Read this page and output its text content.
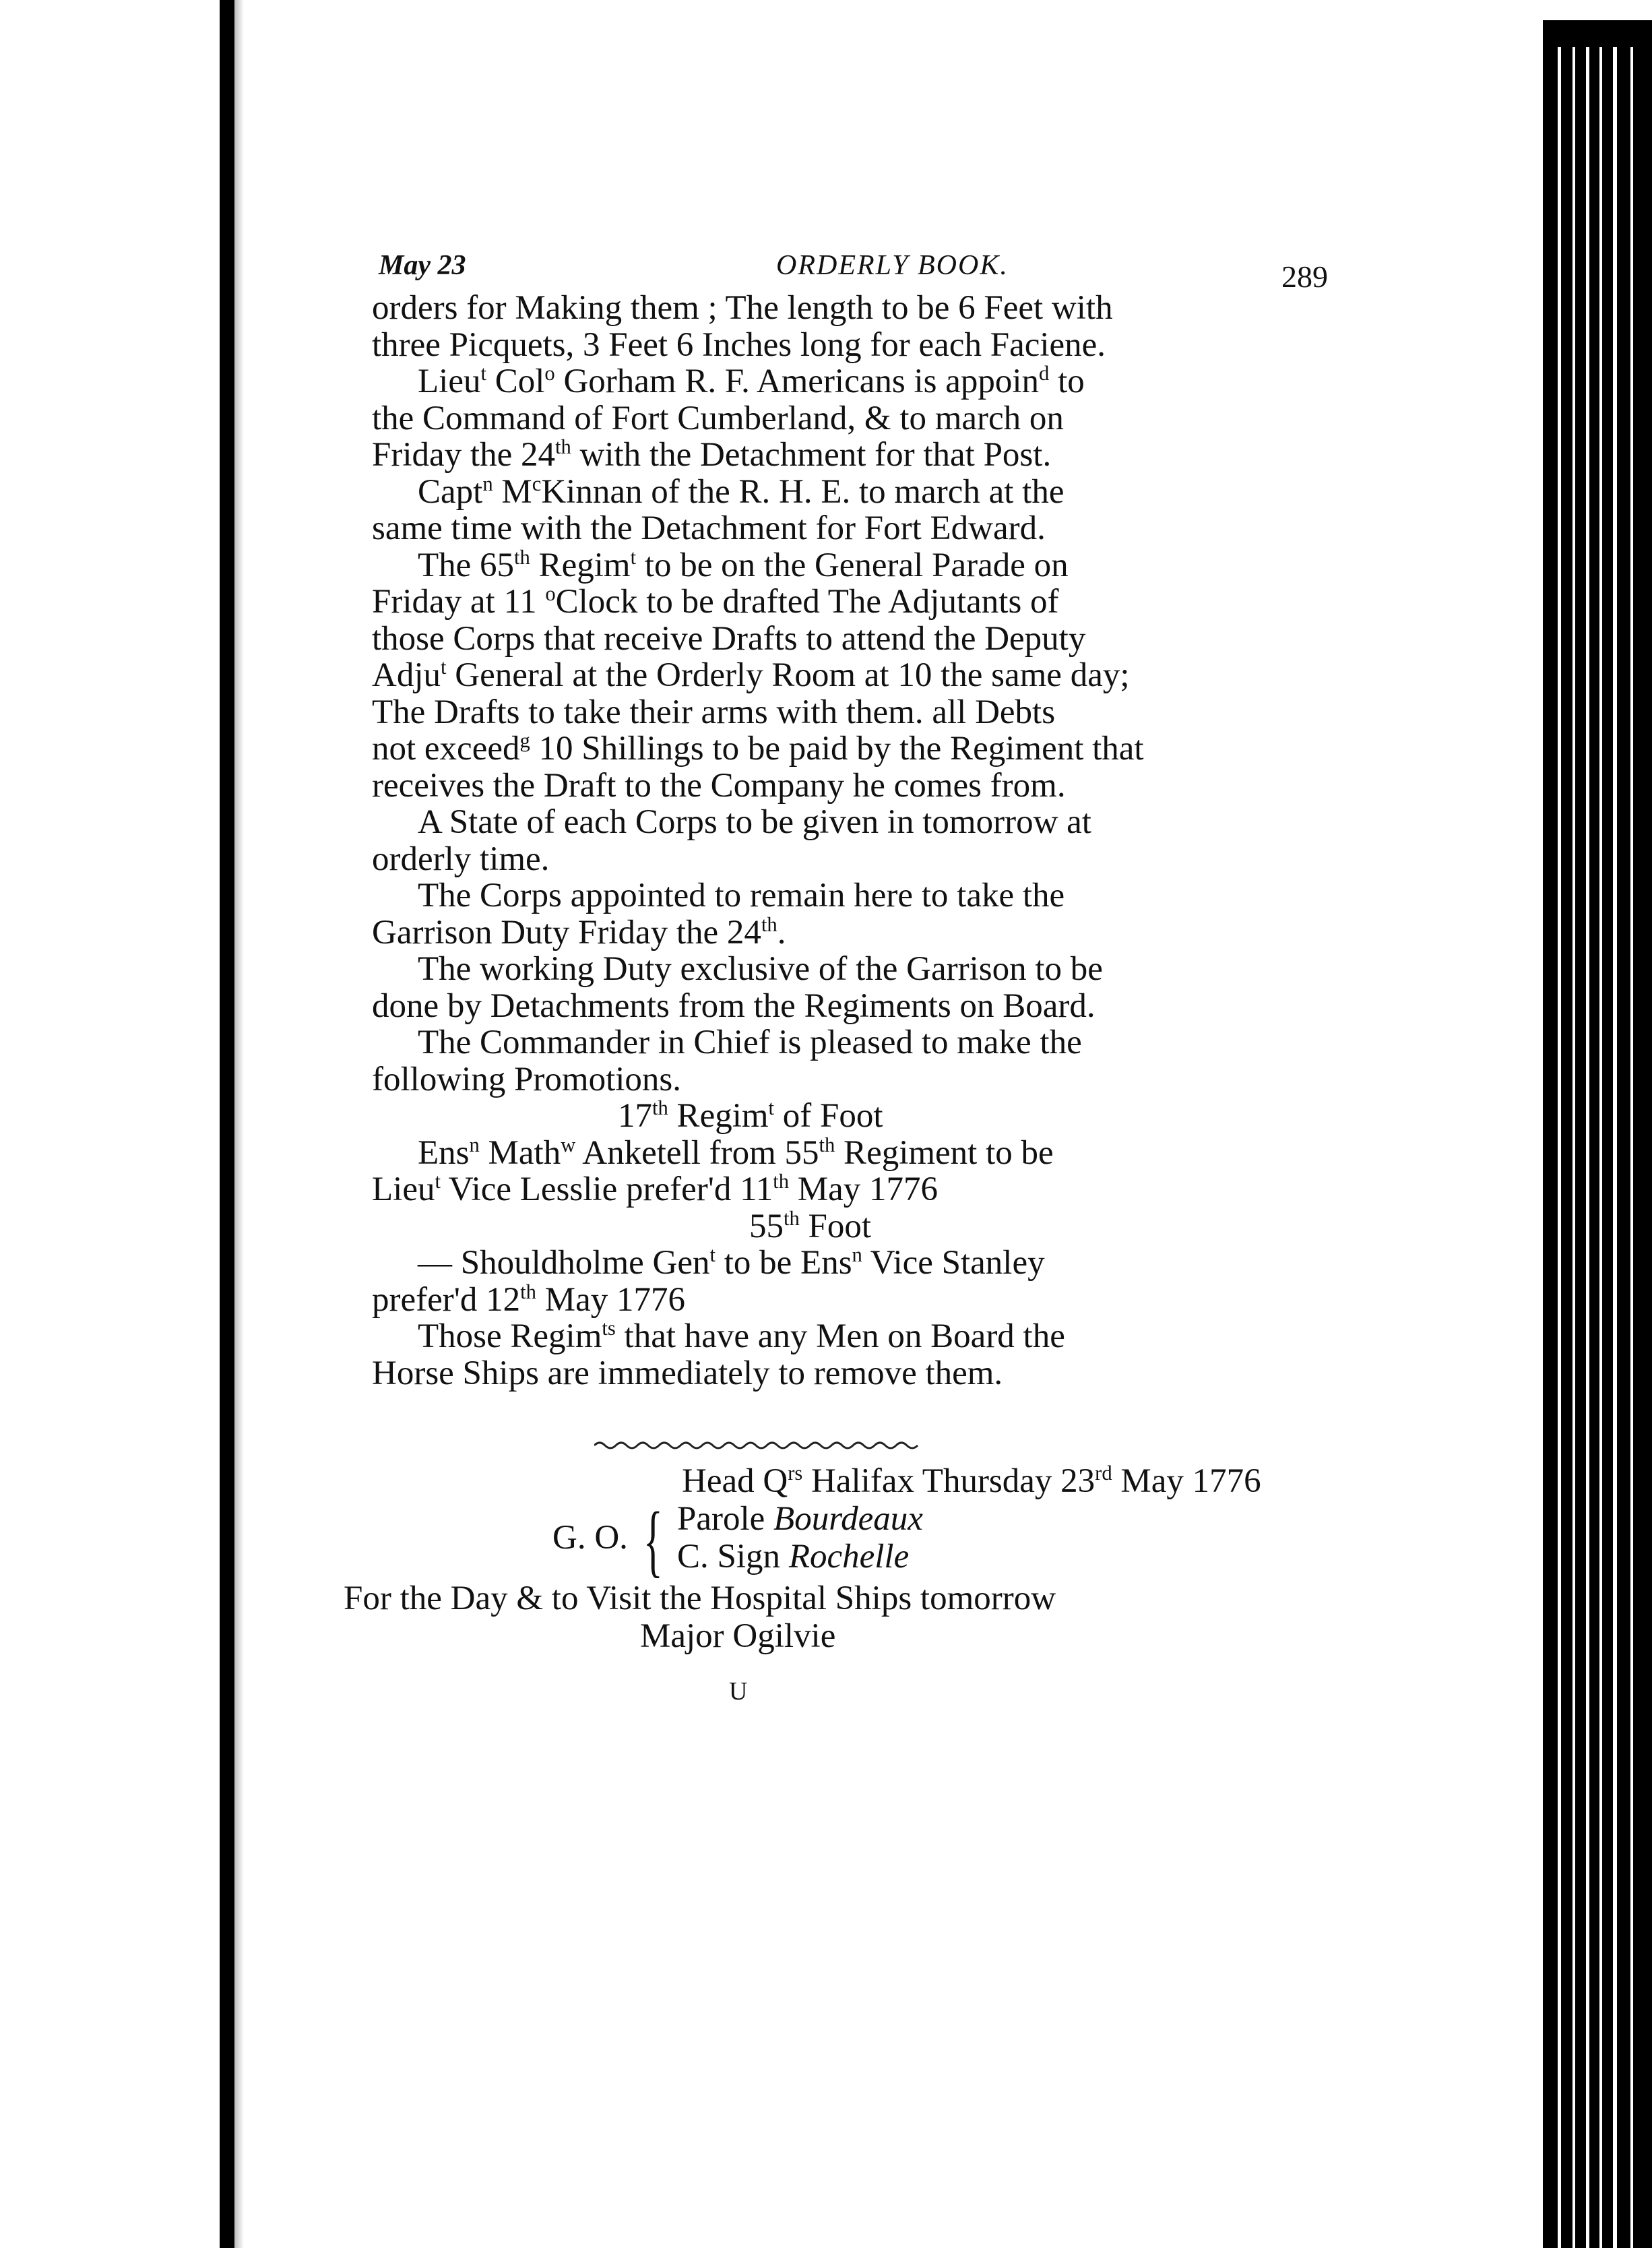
May 23	ORDERLY BOOK.	289
orders for Making them ; The length to be 6 Feet with
three Picquets, 3 Feet 6 Inches long for each Faciene.
Lieu$^t$ Col$^o$ Gorham R. F. Americans is appoin$^d$ to
the Command of Fort Cumberland, & to march on
Friday the 24th with the Detachment for that Post.
Capt$^n$ $M^cKinnan$ of the R. H. E. to march at the
same time with the Detachment for Fort Edward.
The 65th Regim$^t$ to be on the General Parade on
Friday at 11 $^o$Clock to be drafted The Adjutants of
those Corps that receive Drafts to attend the Deputy
Adju$^t$ General at the Orderly Room at 10 the same day;
The Drafts to take their arms with them. all Debts
not exceed$^g$ 10 Shillings to be paid by the Regiment that
receives the Draft to the Company he comes from.
A State of each Corps to be given in tomorrow at
orderly time.
The Corps appointed to remain here to take the
Garrison Duty Friday the 24th.
The working Duty exclusive of the Garrison to be
done by Detachments from the Regiments on Board.
The Commander in Chief is pleased to make the
following Promotions.
17th Regim$^t$ of Foot
Ens$^n$ Math$^w$ Anketell from 55th Regiment to be
Lieu$^t$ Vice Lesslie prefer'd 11th May 1776
55th Foot
— Shouldholme Gen$^t$ to be Ens$^n$ Vice Stanley
prefer'd 12th May 1776
Those Regim$^{ts}$ that have any Men on Board the
Horse Ships are immediately to remove them.
Head $Q^{rs}$ Halifax Thursday 23rd May 1776
G. O. { Parole Bourdeaux
C. Sign Rochelle
For the Day & to Visit the Hospital Ships tomorrow
Major Ogilvie
U
